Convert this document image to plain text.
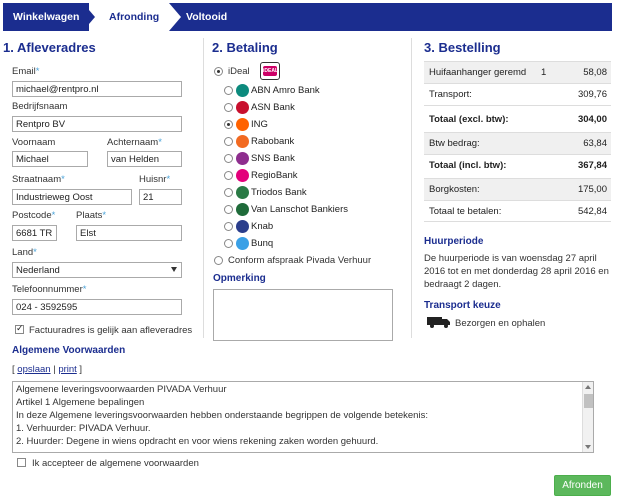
Winkelwagen	Afronding	Voltooid
1. Afleveradres
Email*
michael@rentpro.nl
Bedrijfsnaam
Rentpro BV
Voornaam	Achternaam*
Michael	van Helden
Straatnaam*	Huisnr*
Industrieweg Oost	21
Postcode* Plaats*
6681 TR	Elst
Land*
Nederland
Telefoonnummer*
024 - 3592595
✓
Factuuradres is gelijk aan afleveradres
2. Betaling
iDeal	iDEAL
ABN Amro Bank
ASN Bank
ING
Rabobank
SNS Bank
RegioBank
Triodos Bank
Van Lanschot Bankiers
Knab
Bunq
Conform afspraak Pivada Verhuur
Opmerking
3. Bestelling
Huifaanhanger geremd 1	58,08
Transport:	309,76
Totaal (excl. btw):	304,00
Btw bedrag:	63,84
Totaal (incl. btw):	367,84
Borgkosten:	175,00
Totaal te betalen:	542,84
Huurperiode
De huurperiode is van woensdag 27 april
2016 tot en met donderdag 28 april 2016 en
bedraagt 2 dagen.
Transport keuze
Bezorgen en ophalen
Algemene Voorwaarden
[ opslaan | print ]
Algemene leveringsvoorwaarden PIVADA Verhuur
Artikel 1 Algemene bepalingen
In deze Algemene leveringsvoorwaarden hebben onderstaande begrippen de volgende betekenis:
1. Verhuurder: PIVADA Verhuur.
2. Huurder: Degene in wiens opdracht en voor wiens rekening zaken worden gehuurd.
Ik accepteer de algemene voorwaarden
Afronden
